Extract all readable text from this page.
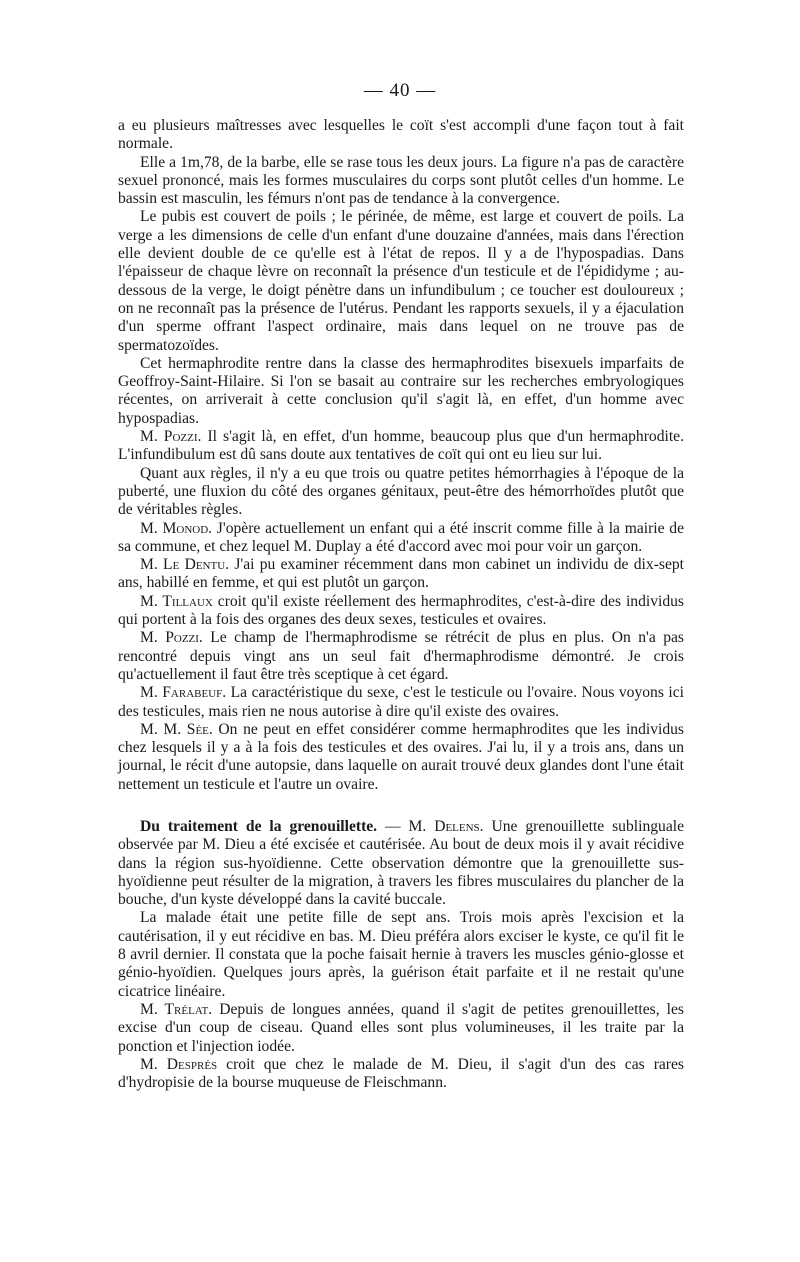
— 40 —

a eu plusieurs maîtresses avec lesquelles le coït s'est accompli d'une façon tout à fait normale.

Elle a 1m,78, de la barbe, elle se rase tous les deux jours. La figure n'a pas de caractère sexuel prononcé, mais les formes musculaires du corps sont plutôt celles d'un homme. Le bassin est masculin, les fémurs n'ont pas de tendance à la convergence.

Le pubis est couvert de poils ; le périnée, de même, est large et couvert de poils. La verge a les dimensions de celle d'un enfant d'une douzaine d'années, mais dans l'érection elle devient double de ce qu'elle est à l'état de repos. Il y a de l'hypospadias. Dans l'épaisseur de chaque lèvre on reconnaît la présence d'un testicule et de l'épididyme ; au-dessous de la verge, le doigt pénètre dans un infundibulum ; ce toucher est douloureux ; on ne reconnaît pas la présence de l'utérus. Pendant les rapports sexuels, il y a éjaculation d'un sperme offrant l'aspect ordinaire, mais dans lequel on ne trouve pas de spermatozoïdes.

Cet hermaphrodite rentre dans la classe des hermaphrodites bisexuels imparfaits de Geoffroy-Saint-Hilaire. Si l'on se basait au contraire sur les recherches embryologiques récentes, on arriverait à cette conclusion qu'il s'agit là, en effet, d'un homme avec hypospadias.

M. Pozzi. Il s'agit là, en effet, d'un homme, beaucoup plus que d'un hermaphrodite. L'infundibulum est dû sans doute aux tentatives de coït qui ont eu lieu sur lui.

Quant aux règles, il n'y a eu que trois ou quatre petites hémorrhagies à l'époque de la puberté, une fluxion du côté des organes génitaux, peut-être des hémorrhoïdes plutôt que de véritables règles.

M. Monod. J'opère actuellement un enfant qui a été inscrit comme fille à la mairie de sa commune, et chez lequel M. Duplay a été d'accord avec moi pour voir un garçon.

M. Le Dentu. J'ai pu examiner récemment dans mon cabinet un individu de dix-sept ans, habillé en femme, et qui est plutôt un garçon.

M. Tillaux croit qu'il existe réellement des hermaphrodites, c'est-à-dire des individus qui portent à la fois des organes des deux sexes, testicules et ovaires.

M. Pozzi. Le champ de l'hermaphrodisme se rétrécit de plus en plus. On n'a pas rencontré depuis vingt ans un seul fait d'hermaphrodisme démontré. Je crois qu'actuellement il faut être très sceptique à cet égard.

M. Farabeuf. La caractéristique du sexe, c'est le testicule ou l'ovaire. Nous voyons ici des testicules, mais rien ne nous autorise à dire qu'il existe des ovaires.

M. M. Sée. On ne peut en effet considérer comme hermaphrodites que les individus chez lesquels il y a à la fois des testicules et des ovaires. J'ai lu, il y a trois ans, dans un journal, le récit d'une autopsie, dans laquelle on aurait trouvé deux glandes dont l'une était nettement un testicule et l'autre un ovaire.

Du traitement de la grenouillette. — M. Delens. Une grenouillette sublinguale observée par M. Dieu a été excisée et cautérisée. Au bout de deux mois il y avait récidive dans la région sus-hyoïdienne. Cette observation démontre que la grenouillette sus-hyoïdienne peut résulter de la migration, à travers les fibres musculaires du plancher de la bouche, d'un kyste développé dans la cavité buccale.

La malade était une petite fille de sept ans. Trois mois après l'excision et la cautérisation, il y eut récidive en bas. M. Dieu préféra alors exciser le kyste, ce qu'il fit le 8 avril dernier. Il constata que la poche faisait hernie à travers les muscles génio-glosse et génio-hyoïdien. Quelques jours après, la guérison était parfaite et il ne restait qu'une cicatrice linéaire.

M. Trélat. Depuis de longues années, quand il s'agit de petites grenouillettes, les excise d'un coup de ciseau. Quand elles sont plus volumineuses, il les traite par la ponction et l'injection iodée.

M. Després croit que chez le malade de M. Dieu, il s'agit d'un des cas rares d'hydropisie de la bourse muqueuse de Fleischmann.
